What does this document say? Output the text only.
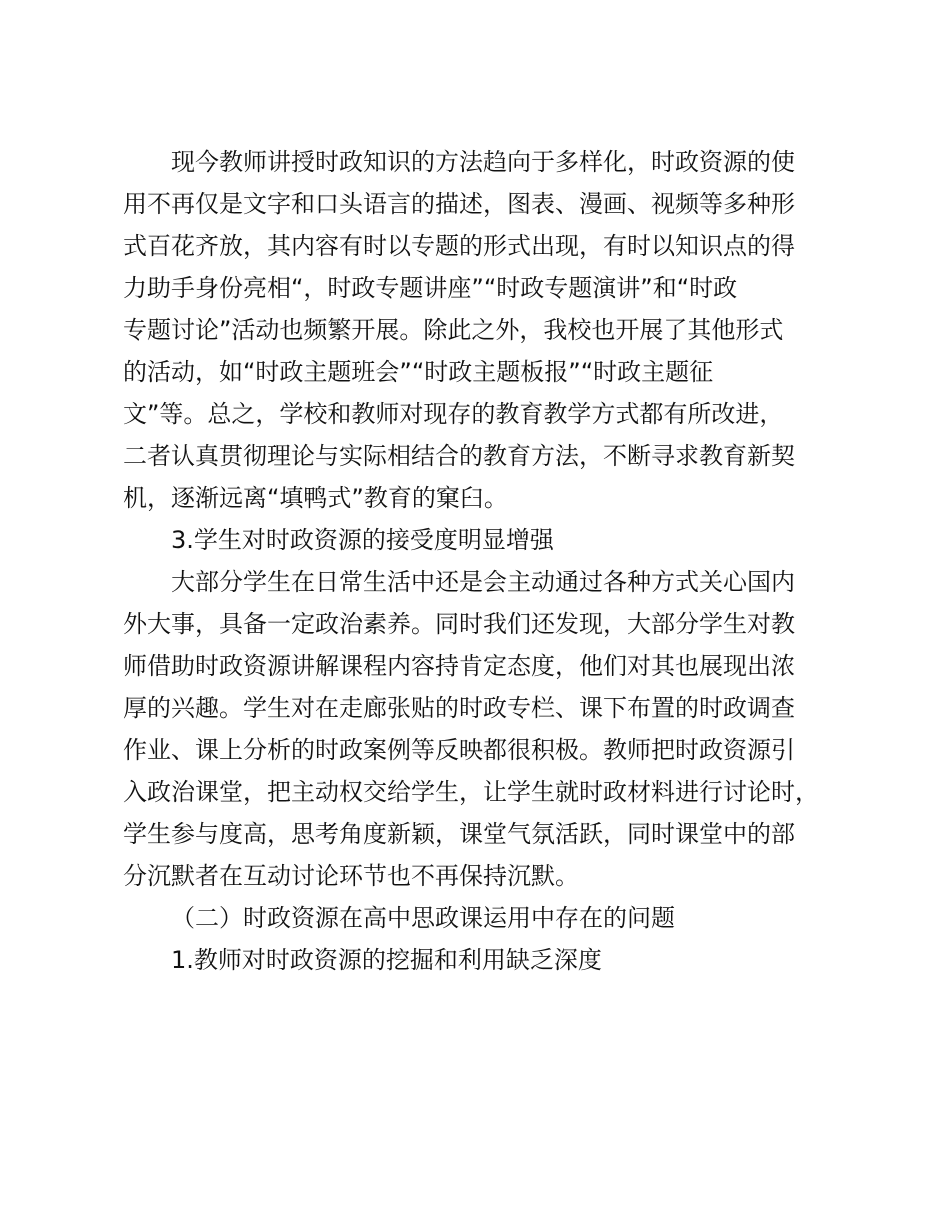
现今教师讲授时政知识的方法趋向于多样化，时政资源的使
用不再仅是文字和口头语言的描述，图表、漫画、视频等多种形
式百花齐放，其内容有时以专题的形式出现，有时以知识点的得
力助手身份亮相“，时政专题讲座”“时政专题演讲”和“时政
专题讨论”活动也频繁开展。除此之外，我校也开展了其他形式
的活动，如“时政主题班会”“时政主题板报”“时政主题征
文”等。总之，学校和教师对现存的教育教学方式都有所改进，
二者认真贯彻理论与实际相结合的教育方法，不断寻求教育新契
机，逐渐远离“填鸭式”教育的窠臼。
3.学生对时政资源的接受度明显增强
大部分学生在日常生活中还是会主动通过各种方式关心国内
外大事，具备一定政治素养。同时我们还发现，大部分学生对教
师借助时政资源讲解课程内容持肯定态度，他们对其也展现出浓
厚的兴趣。学生对在走廊张贴的时政专栏、课下布置的时政调查
作业、课上分析的时政案例等反映都很积极。教师把时政资源引
入政治课堂，把主动权交给学生，让学生就时政材料进行讨论时，
学生参与度高，思考角度新颖，课堂气氛活跃，同时课堂中的部
分沉默者在互动讨论环节也不再保持沉默。
（二）时政资源在高中思政课运用中存在的问题
1.教师对时政资源的挖掘和利用缺乏深度
